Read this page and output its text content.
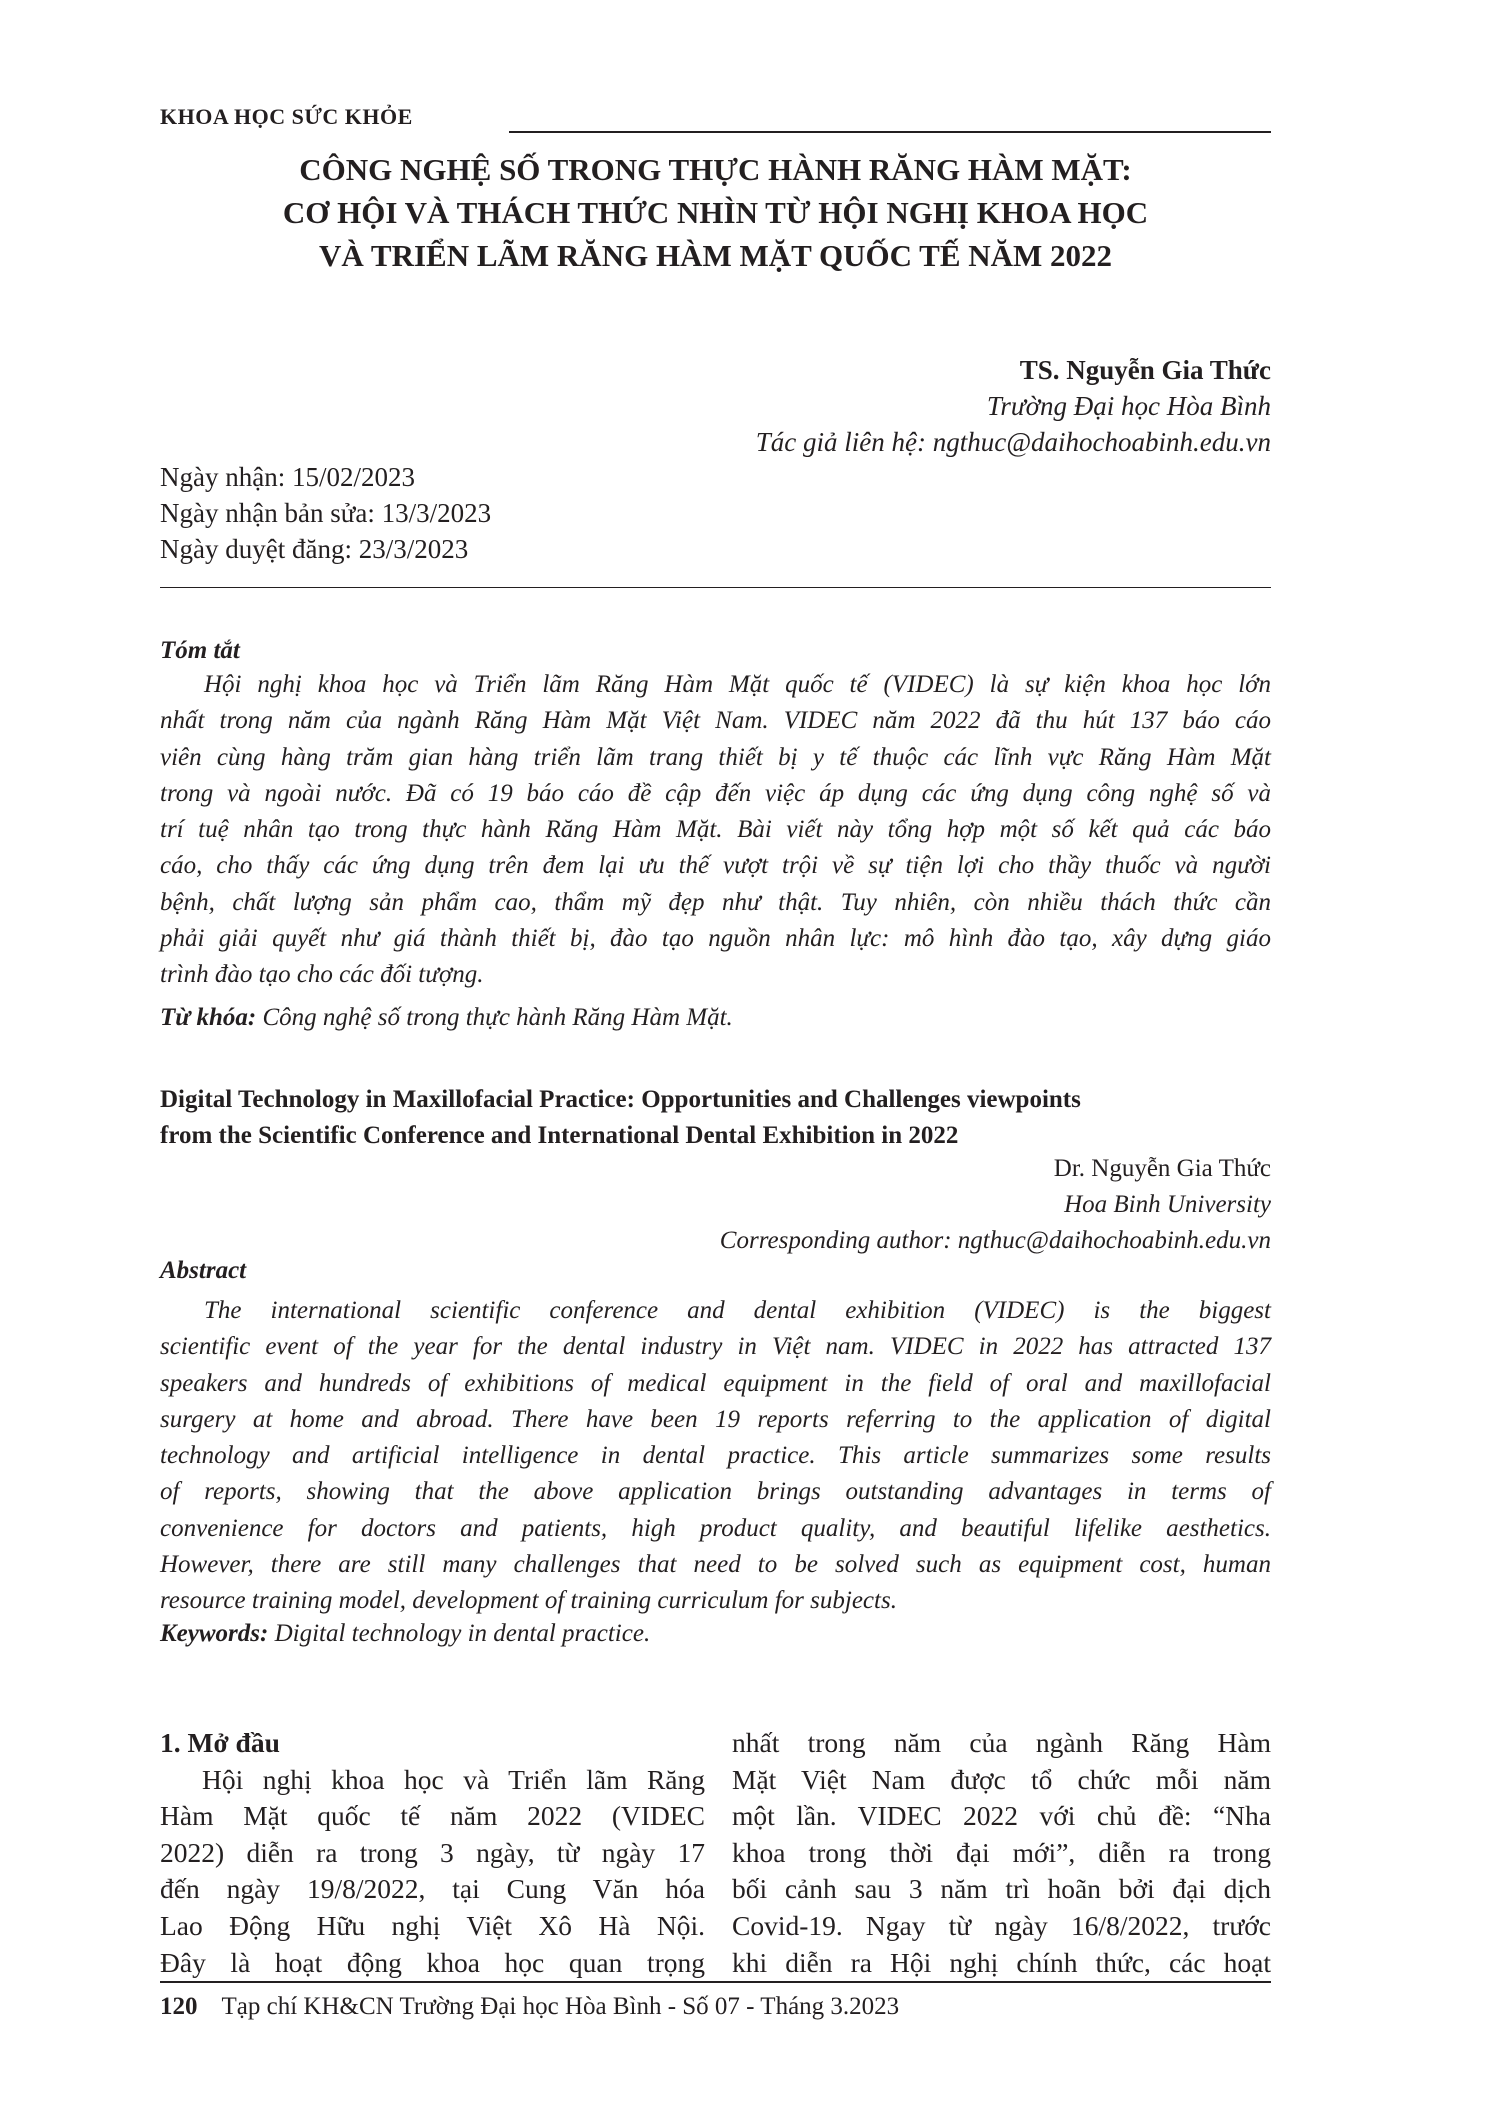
KHOA HỌC SỨC KHỎE
CÔNG NGHỆ SỐ TRONG THỰC HÀNH RĂNG HÀM MẶT:
CƠ HỘI VÀ THÁCH THỨC NHÌN TỪ HỘI NGHỊ KHOA HỌC
VÀ TRIỂN LÃM RĂNG HÀM MẶT QUỐC TẾ NĂM 2022
TS. Nguyễn Gia Thức
Trường Đại học Hòa Bình
Tác giả liên hệ: ngthuc@daihochoabinh.edu.vn
Ngày nhận: 15/02/2023
Ngày nhận bản sửa: 13/3/2023
Ngày duyệt đăng: 23/3/2023
Tóm tắt
Hội nghị khoa học và Triển lãm Răng Hàm Mặt quốc tế (VIDEC) là sự kiện khoa học lớn
nhất trong năm của ngành Răng Hàm Mặt Việt Nam. VIDEC năm 2022 đã thu hút 137 báo cáo
viên cùng hàng trăm gian hàng triển lãm trang thiết bị y tế thuộc các lĩnh vực Răng Hàm Mặt
trong và ngoài nước. Đã có 19 báo cáo đề cập đến việc áp dụng các ứng dụng công nghệ số và
trí tuệ nhân tạo trong thực hành Răng Hàm Mặt. Bài viết này tổng hợp một số kết quả các báo
cáo, cho thấy các ứng dụng trên đem lại ưu thế vượt trội về sự tiện lợi cho thầy thuốc và người
bệnh, chất lượng sản phẩm cao, thẩm mỹ đẹp như thật. Tuy nhiên, còn nhiều thách thức cần
phải giải quyết như giá thành thiết bị, đào tạo nguồn nhân lực: mô hình đào tạo, xây dựng giáo
trình đào tạo cho các đối tượng.
Từ khóa: Công nghệ số trong thực hành Răng Hàm Mặt.
Digital Technology in Maxillofacial Practice: Opportunities and Challenges viewpoints
from the Scientific Conference and International Dental Exhibition in 2022
Dr. Nguyễn Gia Thức
Hoa Binh University
Corresponding author: ngthuc@daihochoabinh.edu.vn
Abstract
The international scientific conference and dental exhibition (VIDEC) is the biggest
scientific event of the year for the dental industry in Việt nam. VIDEC in 2022 has attracted 137
speakers and hundreds of exhibitions of medical equipment in the field of oral and maxillofacial
surgery at home and abroad. There have been 19 reports referring to the application of digital
technology and artificial intelligence in dental practice. This article summarizes some results
of reports, showing that the above application brings outstanding advantages in terms of
convenience for doctors and patients, high product quality, and beautiful lifelike aesthetics.
However, there are still many challenges that need to be solved such as equipment cost, human
resource training model, development of training curriculum for subjects.
Keywords: Digital technology in dental practice.
1. Mở đầu
Hội nghị khoa học và Triển lãm Răng
Hàm Mặt quốc tế năm 2022 (VIDEC
2022) diễn ra trong 3 ngày, từ ngày 17
đến ngày 19/8/2022, tại Cung Văn hóa
Lao Động Hữu nghị Việt Xô Hà Nội.
Đây là hoạt động khoa học quan trọng
nhất trong năm của ngành Răng Hàm
Mặt Việt Nam được tổ chức mỗi năm
một lần. VIDEC 2022 với chủ đề: “Nha
khoa trong thời đại mới”, diễn ra trong
bối cảnh sau 3 năm trì hoãn bởi đại dịch
Covid-19. Ngay từ ngày 16/8/2022, trước
khi diễn ra Hội nghị chính thức, các hoạt
120 Tạp chí KH&CN Trường Đại học Hòa Bình - Số 07 - Tháng 3.2023
